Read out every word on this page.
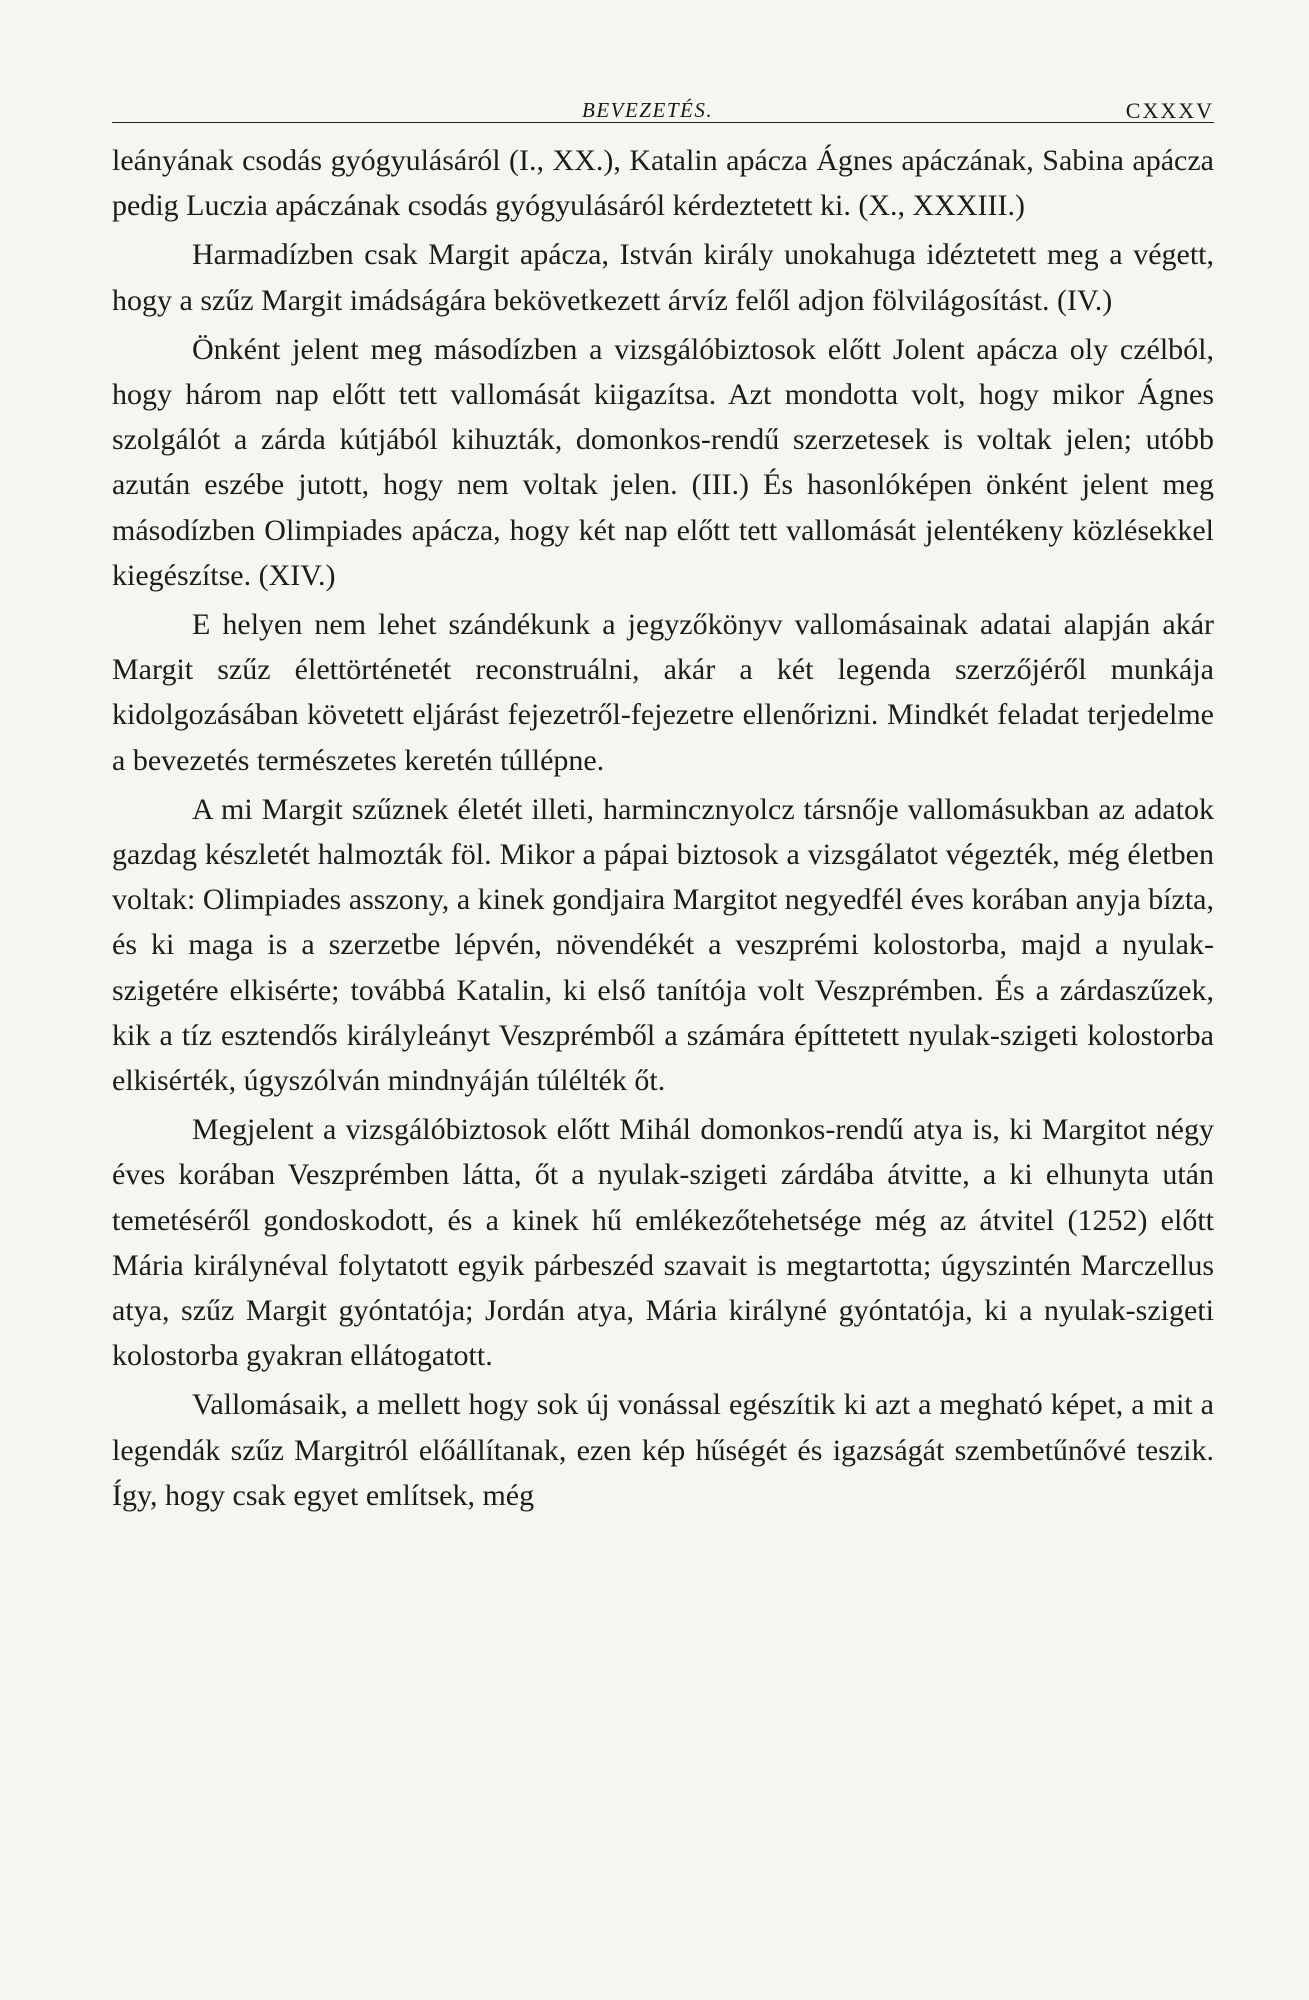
BEVEZETÉS.	CXXXV

leányának csodás gyógyulásáról (I., XX.), Katalin apácza Ágnes apáczának, Sabina apácza pedig Luczia apáczának csodás gyógyulásáról kérdeztetett ki. (X., XXXIII.)

Harmadízben csak Margit apácza, István király unokahuga idéztetett meg a végett, hogy a szűz Margit imádságára bekövetkezett árvíz felől adjon fölvilágosítást. (IV.)

Önként jelent meg másodízben a vizsgálóbiztosok előtt Jolent apácza oly czélból, hogy három nap előtt tett vallomását kiigazítsa. Azt mondotta volt, hogy mikor Ágnes szolgálót a zárda kútjából kihuzták, domonkos-rendű szerzetesek is voltak jelen; utóbb azután eszébe jutott, hogy nem voltak jelen. (III.) És hasonlóképen önként jelent meg másodízben Olimpiades apácza, hogy két nap előtt tett vallomását jelentékeny közlésekkel kiegészítse. (XIV.)

E helyen nem lehet szándékunk a jegyzőkönyv vallomásainak adatai alapján akár Margit szűz élettörténetét reconstruálni, akár a két legenda szerzőjéről munkája kidolgozásában követett eljárást fejezetről-fejezetre ellenőrizni. Mindkét feladat terjedelme a bevezetés természetes keretén túllépne.

A mi Margit szűznek életét illeti, harmincznyolcz társnője vallomásukban az adatok gazdag készletét halmozták föl. Mikor a pápai biztosok a vizsgálatot végezték, még életben voltak: Olimpiades asszony, a kinek gondjaira Margitot negyedfél éves korában anyja bízta, és ki maga is a szerzetbe lépvén, növendékét a veszprémi kolostorba, majd a nyulak-szigetére elkisérte; továbbá Katalin, ki első tanítója volt Veszprémben. És a zárdaszűzek, kik a tíz esztendős királyleányt Veszprémből a számára építtetett nyulak-szigeti kolostorba elkisérték, úgyszólván mindnyáján túlélték őt.

Megjelent a vizsgálóbiztosok előtt Mihál domonkos-rendű atya is, ki Margitot négy éves korában Veszprémben látta, őt a nyulak-szigeti zárdába átvitte, a ki elhunyta után temetéséről gondoskodott, és a kinek hű emlékezőtehetsége még az átvitel (1252) előtt Mária királynéval folytatott egyik párbeszéd szavait is megtartotta; úgyszintén Marczellus atya, szűz Margit gyóntatója; Jordán atya, Mária királyné gyóntatója, ki a nyulak-szigeti kolostorba gyakran ellátogatott.

Vallomásaik, a mellett hogy sok új vonással egészítik ki azt a megható képet, a mit a legendák szűz Margitról előállítanak, ezen kép hűségét és igazságát szembetűnővé teszik. Így, hogy csak egyet említsek, még
